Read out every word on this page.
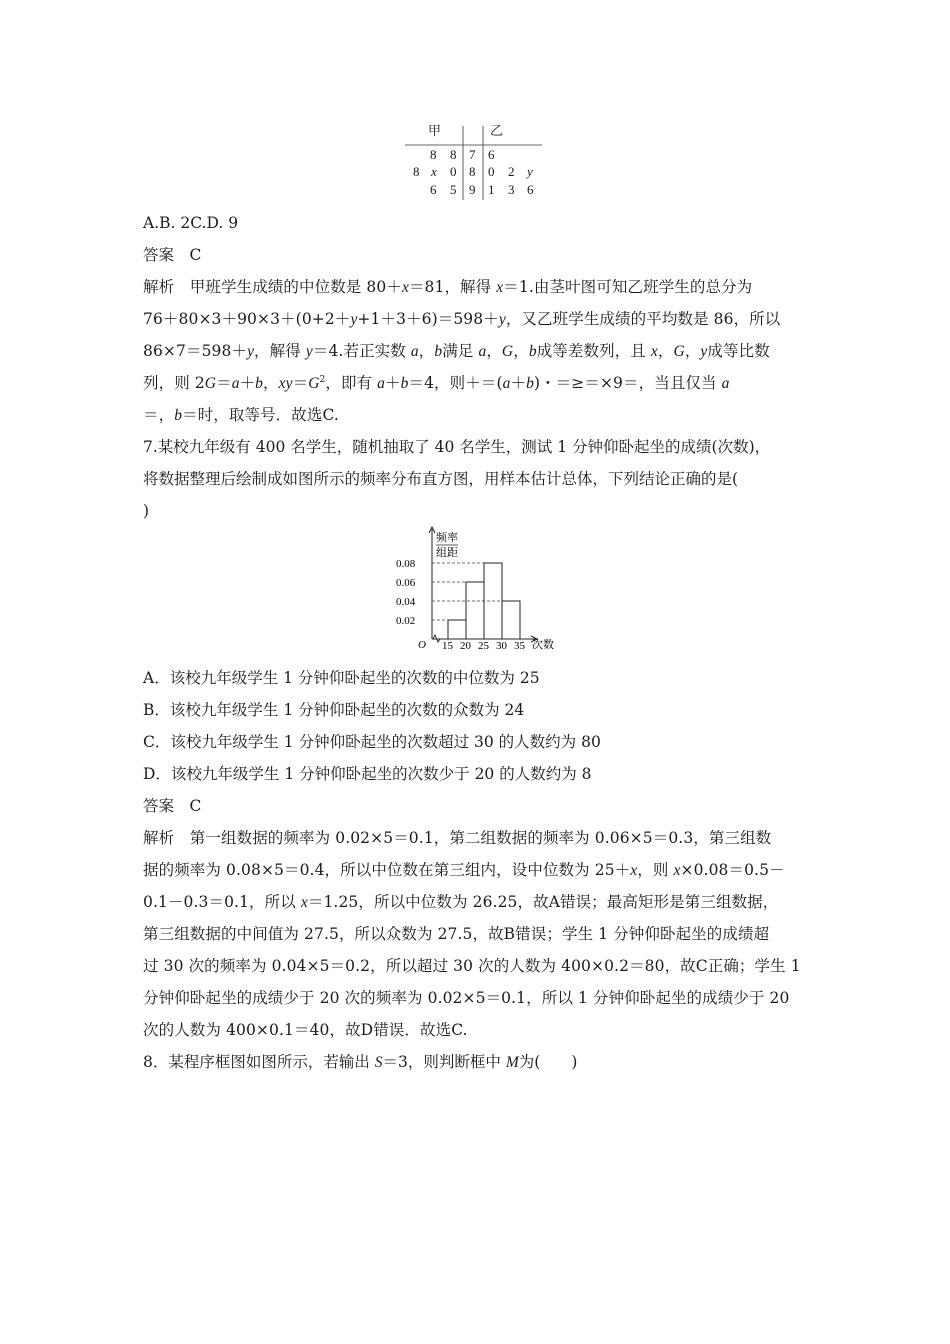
甲	乙
8 8 7 6
8 x 0 8 0 2 y
6 5 9 1 3 6
A.B. 2C.D. 9
答案　C
解析　甲班学生成绩的中位数是 80＋x＝81，解得 x＝1.由茎叶图可知乙班学生的总分为
76＋80×3＋90×3＋(0+2＋y+1＋3＋6)＝598＋y，又乙班学生成绩的平均数是 86，所以
86×7＝598＋y，解得 y＝4.若正实数 a，b满足 a，G，b成等差数列，且 x，G，y成等比数
列，则 2G＝a＋b，$xy=G^2$，即有 a＋b＝4，则＋＝(a＋b)・＝≥＝×9＝，当且仅当 a
＝，b＝时，取等号．故选C.
7.某校九年级有 400 名学生，随机抽取了 40 名学生，测试 1 分钟仰卧起坐的成绩(次数)，
将数据整理后绘制成如图所示的频率分布直方图，用样本估计总体，下列结论正确的是(
)
频率
组距
次数
O
0.02
0.04
0.06
0.08
15 20 25 30 35
A．该校九年级学生 1 分钟仰卧起坐的次数的中位数为 25
B．该校九年级学生 1 分钟仰卧起坐的次数的众数为 24
C．该校九年级学生 1 分钟仰卧起坐的次数超过 30 的人数约为 80
D．该校九年级学生 1 分钟仰卧起坐的次数少于 20 的人数约为 8
答案　C
解析　第一组数据的频率为 0.02×5＝0.1，第二组数据的频率为 0.06×5＝0.3，第三组数
据的频率为 0.08×5＝0.4，所以中位数在第三组内，设中位数为 25＋x，则 x×0.08＝0.5－
0.1－0.3＝0.1，所以 x＝1.25，所以中位数为 26.25，故A错误；最高矩形是第三组数据，
第三组数据的中间值为 27.5，所以众数为 27.5，故B错误；学生 1 分钟仰卧起坐的成绩超
过 30 次的频率为 0.04×5＝0.2，所以超过 30 次的人数为 400×0.2＝80，故C正确；学生 1
分钟仰卧起坐的成绩少于 20 次的频率为 0.02×5＝0.1，所以 1 分钟仰卧起坐的成绩少于 20
次的人数为 400×0.1＝40，故D错误．故选C.
8．某程序框图如图所示，若输出 S＝3，则判断框中 M为(　　)
